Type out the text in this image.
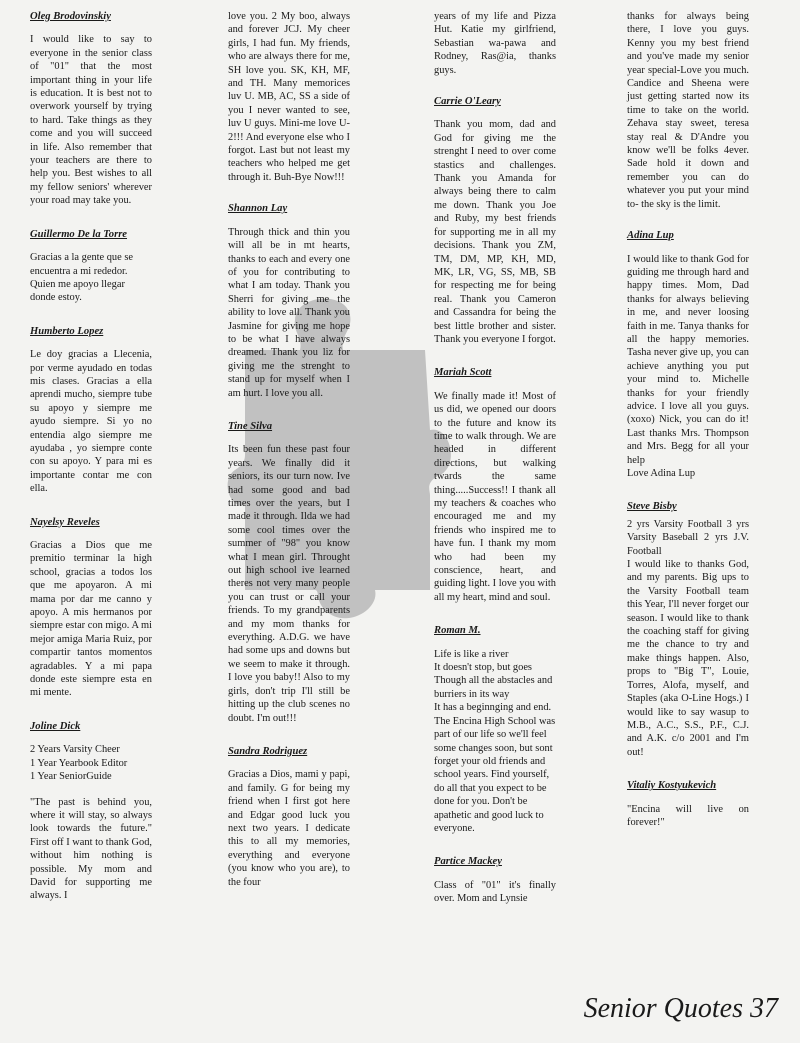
Oleg Brodovinskiy
I would like to say to everyone in the senior class of "01" that the most important thing in your life is education. It is best not to overwork yourself by trying to hard. Take things as they come and you will succeed in life. Also remember that your teachers are there to help you. Best wishes to all my fellow seniors' wherever your road may take you.
Guillermo De la Torre
Gracias a la gente que se encuentra a mi rededor. Quien me apoyo llegar donde estoy.
Humberto Lopez
Le doy gracias a Llecenia, por verme ayudado en todas mis clases. Gracias a ella aprendi mucho, siempre tube su apoyo y siempre me ayudo siempre. Si yo no entendia algo siempre me ayudaba , yo siempre conte con su apoyo. Y para mi es importante contar me con ella.
Nayelsy Reveles
Gracias a Dios que me premitio terminar la high school, gracias a todos los que me apoyaron. A mi mama por dar me canno y apoyo. A mis hermanos por siempre estar con migo. A mi mejor amiga Maria Ruiz, por compartir tantos momentos agradables. Y a mi papa donde este siempre esta en mi mente.
Joline Dick
2 Years Varsity Cheer
1 Year Yearbook Editor
1 Year SeniorGuide
"The past is behind you, where it will stay, so always look towards the future." First off I want to thank God, without him nothing is possible. My mom and David for supporting me always. I
love you. 2 My boo, always and forever JCJ. My cheer girls, I had fun. My friends, who are always there for me, SH love you. SK, KH, MF, and TH. Many memorices luv U. MB, AC, SS a side of you I never wanted to see, luv U guys. Mini-me love U-2!!! And everyone else who I forgot. Last but not least my teachers who helped me get through it. Buh-Bye Now!!!
Shannon Lay
Through thick and thin you will all be in mt hearts, thanks to each and every one of you for contributing to what I am today. Thank you Sherri for giving me the ability to love all. Thank you Jasmine for giving me hope to be what I have always dreamed. Thank you liz for giving me the strenght to stand up for myself when I am hurt. I love you all.
Tine Silva
Its been fun these past four years. We finally did it seniors, its our turn now. Ive had some good and bad times over the years, but I made it through. Ilda we had some cool times over the summer of "98" you know what I mean girl. Throught out high school ive learned theres not very many people you can trust or call your friends. To my grandparents and my mom thanks for everything. A.D.G. we have had some ups and downs but we seem to make it through. I love you baby!! Also to my girls, don't trip I'll still be hitting up the club scenes no doubt. I'm out!!!
Sandra Rodriguez
Gracias a Dios, mami y papi, and family. G for being my friend when I first got here and Edgar good luck you next two years. I dedicate this to all my memories, everything and everyone (you know who you are), to the four
years of my life and Pizza Hut. Katie my girlfriend, Sebastian wa-pawa and Rodney, Ras@ia, thanks guys.
Carrie O'Leary
Thank you mom, dad and God for giving me the strenght I need to over come stastics and challenges. Thank you Amanda for always being there to calm me down. Thank you Joe and Ruby, my best friends for supporting me in all my decisions. Thank you ZM, TM, DM, MP, KH, MD, MK, LR, VG, SS, MB, SB for respecting me for being real. Thank you Cameron and Cassandra for being the best little brother and sister. Thank you everyone I forgot.
Mariah Scott
We finally made it! Most of us did, we opened our doors to the future and know its time to walk through. We are headed in different directions, but walking twards the same thing.....Success!! I thank all my teachers & coaches who encouraged me and my friends who inspired me to have fun. I thank my mom who had been my conscience, heart, and guiding light. I love you with all my heart, mind and soul.
Roman M.
Life is like a river
It doesn't stop, but goes
Though all the abstacles and burriers in its way
It has a beginnging and end. The Encina High School was part of our life so we'll feel some changes soon, but sont forget your old friends and school years. Find yourself, do all that you expect to be done for you. Don't be apathetic and good luck to everyone.
Partice Mackey
Class of "01" it's finally over. Mom and Lynsie
thanks for always being there, I love you guys. Kenny you my best friend and you've made my senior year special-Love you much. Candice and Sheena were just getting started now its time to take on the world. Zehava stay sweet, teresa stay real & D'Andre you know we'll be folks 4ever. Sade hold it down and remember you can do whatever you put your mind to- the sky is the limit.
Adina Lup
I would like to thank God for guiding me through hard and happy times. Mom, Dad thanks for always believing in me, and never loosing faith in me. Tanya thanks for all the happy memories. Tasha never give up, you can achieve anything you put your mind to. Michelle thanks for your friendly advice. I love all you guys. (xoxo) Nick, you can do it! Last thanks Mrs. Thompson and Mrs. Begg for all your help
Love Adina Lup
Steve Bisby
2 yrs Varsity Football 3 yrs Varsity Baseball 2 yrs J.V. Football
I would like to thanks God, and my parents. Big ups to the Varsity Football team this Year, I'll never forget our season. I would like to thank the coaching staff for giving me the chance to try and make things happen. Also, props to "Big T", Louie, Torres, Alofa, myself, and Staples (aka O-Line Hogs.) I would like to say wasup to M.B., A.C., S.S., P.F., C.J. and A.K. c/o 2001 and I'm out!
Vitaliy Kostyukevich
"Encina will live on forever!"
Senior Quotes 37
